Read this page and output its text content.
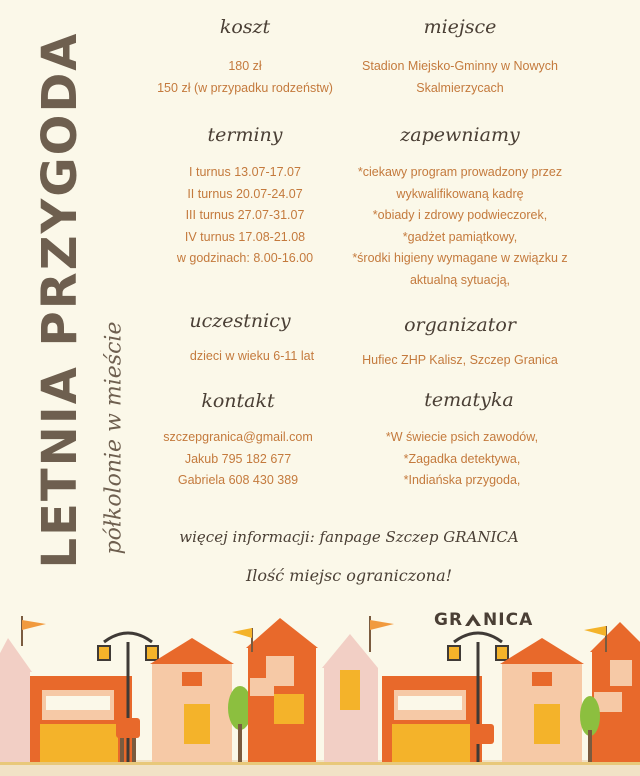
LETNIA PRZYGODA półkolonie w mieście
koszt
180 zł
150 zł (w przypadku rodzeństw)
miejsce
Stadion Miejsko-Gminny w Nowych
Skalmierzycach
terminy
I turnus 13.07-17.07
II turnus 20.07-24.07
III turnus 27.07-31.07
IV turnus 17.08-21.08
w godzinach: 8.00-16.00
zapewniamy
*ciekawy program prowadzony przez
wykwalifikowaną kadrę
*obiady i zdrowy podwieczorek,
*gadżet pamiątkowy,
*środki higieny wymagane w związku z
aktualną sytuacją,
uczestnicy
dzieci w wieku 6-11 lat
organizator
Hufiec ZHP Kalisz, Szczep Granica
kontakt
szczepgranica@gmail.com
Jakub 795 182 677
Gabriela 608 430 389
tematyka
*W świecie psich zawodów,
*Zagadka detektywa,
*Indiańska przygoda,
więcej informacji: fanpage Szczep GRANICA
Ilość miejsc ograniczona!
GR NICA
